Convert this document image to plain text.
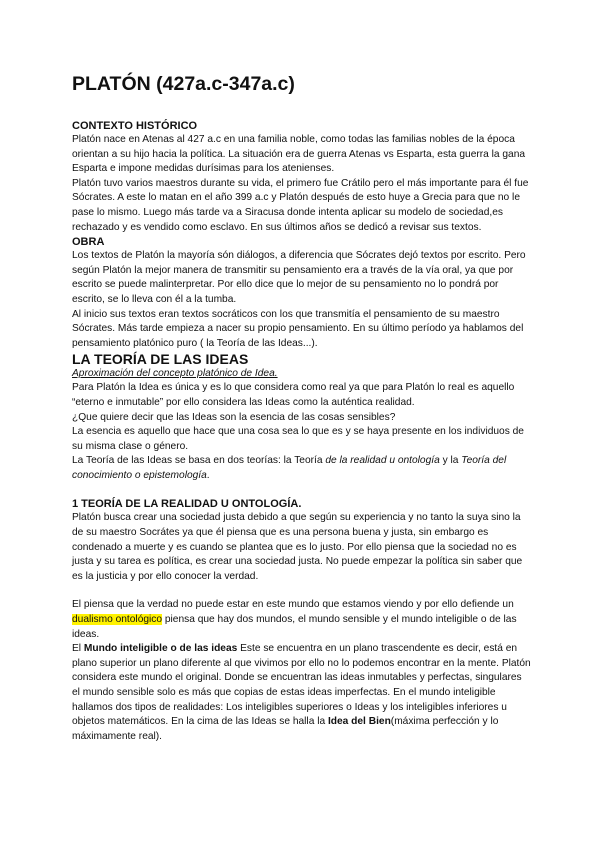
PLATÓN (427a.c-347a.c)

CONTEXTO HISTÓRICO

Platón nace en Atenas al 427 a.c en una familia noble, como todas las familias nobles de la época orientan a su hijo hacia la política. La situación era de guerra Atenas vs Esparta, esta guerra la gana Esparta e impone medidas durísimas para los atenienses.

Platón tuvo varios maestros durante su vida, el primero fue Crátilo pero el más importante para él fue Sócrates. A este lo matan en el año 399 a.c y Platón después de esto huye a Grecia para que no le pase lo mismo. Luego más tarde va a Siracusa donde intenta aplicar su modelo de sociedad,es rechazado y es vendido como esclavo. En sus últimos años se dedicó a revisar sus textos.

OBRA

Los textos de Platón la mayoría són diálogos, a diferencia que Sócrates dejó textos por escrito. Pero según Platón la mejor manera de transmitir su pensamiento era a través de la vía oral, ya que por escrito se puede malinterpretar. Por ello dice que lo mejor de su pensamiento no lo pondrá por escrito, se lo lleva con él a la tumba.

Al inicio sus textos eran textos socráticos con los que transmitía el pensamiento de su maestro Sócrates. Más tarde empieza a nacer su propio pensamiento. En su último período ya hablamos del pensamiento platónico puro ( la Teoría de las Ideas...).

LA TEORÍA DE LAS IDEAS

Aproximación del concepto platónico de Idea.

Para Platón la Idea es única y es lo que considera como real ya que para Platón lo real es aquello “eterno e inmutable” por ello considera las Ideas como la auténtica realidad.

¿Que quiere decir que las Ideas son la esencia de las cosas sensibles?

La esencia es aquello que hace que una cosa sea lo que es y se haya presente en los individuos de su misma clase o género.

La Teoría de las Ideas se basa en dos teorías: la Teoría de la realidad u ontología y la Teoría del conocimiento o epistemología.

1 TEORÍA DE LA REALIDAD U ONTOLOGÍA.

Platón busca crear una sociedad justa debido a que según su experiencia y no tanto la suya sino la de su maestro Socrátes ya que él piensa que es una persona buena y justa, sin embargo es condenado a muerte y es cuando se plantea que es lo justo. Por ello piensa que la sociedad no es justa y su tarea es política, es crear una sociedad justa. No puede empezar la política sin saber que es la justicia y por ello conocer la verdad.

El piensa que la verdad no puede estar en este mundo que estamos viendo y por ello defiende un dualismo ontológico piensa que hay dos mundos, el mundo sensible y el mundo inteligible o de las ideas.

El Mundo inteligible o de las ideas Este se encuentra en un plano trascendente es decir, está en plano superior un plano diferente al que vivimos por ello no lo podemos encontrar en la mente. Platón considera este mundo el original. Donde se encuentran las ideas inmutables y perfectas, singulares el mundo sensible solo es más que copias de estas ideas imperfectas. En el mundo inteligible hallamos dos tipos de realidades: Los inteligibles superiores o Ideas y los inteligibles inferiores u objetos matemáticos. En la cima de las Ideas se halla la Idea del Bien(máxima perfección y lo máximamente real).
